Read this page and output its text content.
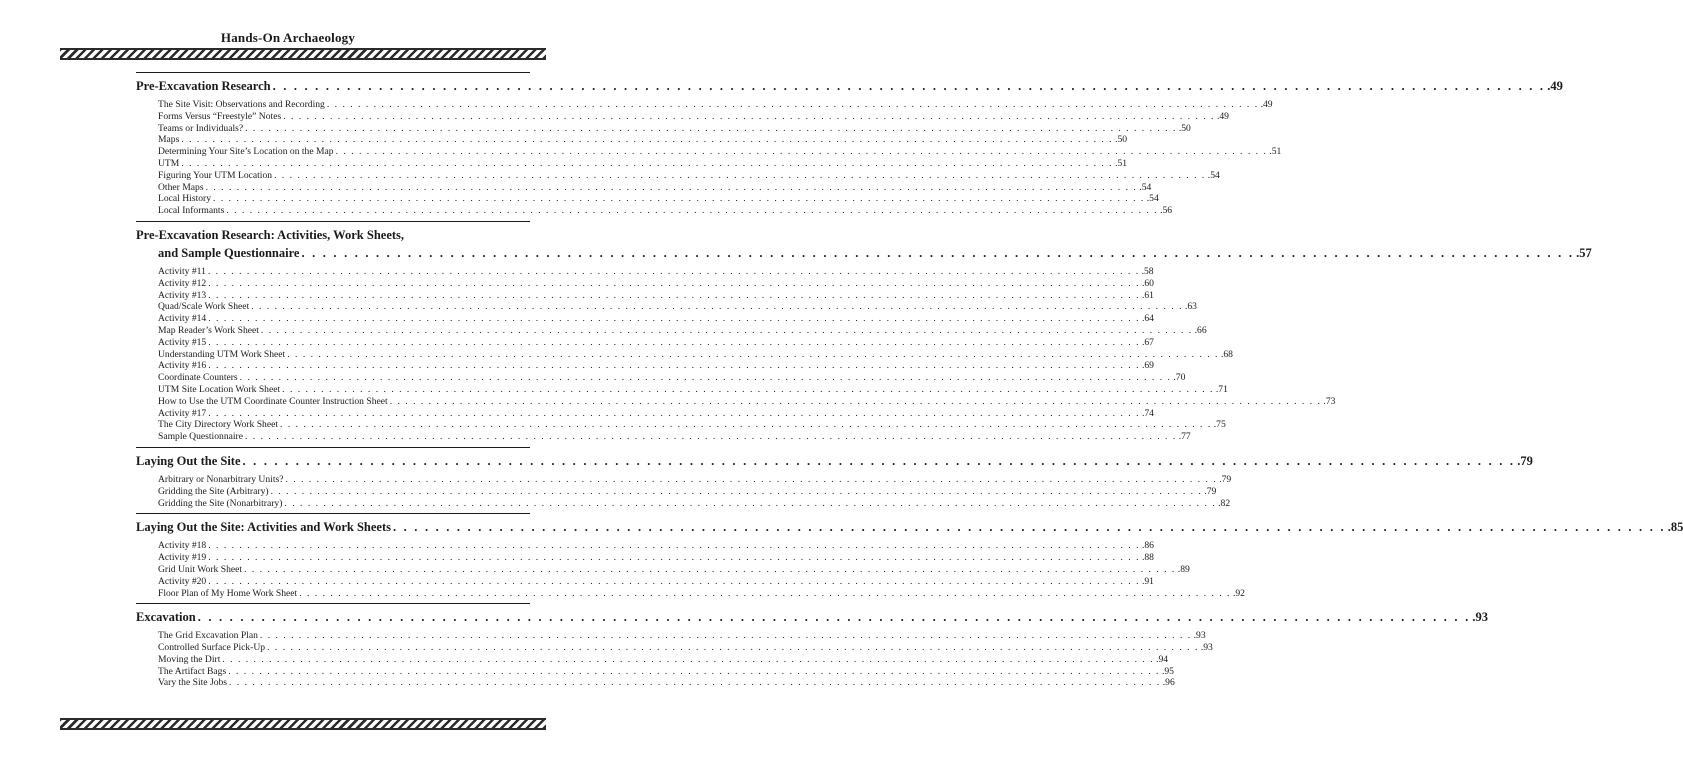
Hands-On Archaeology
Pre-Excavation Research . . . . . . . . . . . . . . . . . . . . . . . . . . . . . . . . . . . . . . . . . . . . . . . . . . . . . . . . . . . . . . . . . . . . . . . . . . . . . . . . . . . . . . . . . . . . . . . . . . . . . . . . . . . . . . . . . . . . . . . . .49
The Site Visit: Observations and Recording . . . . . . . . . . . . . . . . . . . . . . . . . . . . . . . . . . . . . . . . . . . . . . . . . . . . . . . . . . . . . . . . . . . . . . . . . . . . . . . . . . . . . . . . . . . . . . . . . . . . . . . . . . . . . . . . . . . . . . . . .49
Forms Versus “Freestyle” Notes . . . . . . . . . . . . . . . . . . . . . . . . . . . . . . . . . . . . . . . . . . . . . . . . . . . . . . . . . . . . . . . . . . . . . . . . . . . . . . . . . . . . . . . . . . . . . . . . . . . . . . . . . . . . . . . . . . . . . . . . .49
Teams or Individuals? . . . . . . . . . . . . . . . . . . . . . . . . . . . . . . . . . . . . . . . . . . . . . . . . . . . . . . . . . . . . . . . . . . . . . . . . . . . . . . . . . . . . . . . . . . . . . . . . . . . . . . . . . . . . . . . . . . . . . . . . .50
Maps . . . . . . . . . . . . . . . . . . . . . . . . . . . . . . . . . . . . . . . . . . . . . . . . . . . . . . . . . . . . . . . . . . . . . . . . . . . . . . . . . . . . . . . . . . . . . . . . . . . . . . . . . . . . . . . . . . . . . . . . .50
Determining Your Site’s Location on the Map . . . . . . . . . . . . . . . . . . . . . . . . . . . . . . . . . . . . . . . . . . . . . . . . . . . . . . . . . . . . . . . . . . . . . . . . . . . . . . . . . . . . . . . . . . . . . . . . . . . . . . . . . . . . . . . . . . . . . . . . .51
UTM . . . . . . . . . . . . . . . . . . . . . . . . . . . . . . . . . . . . . . . . . . . . . . . . . . . . . . . . . . . . . . . . . . . . . . . . . . . . . . . . . . . . . . . . . . . . . . . . . . . . . . . . . . . . . . . . . . . . . . . . .51
Figuring Your UTM Location . . . . . . . . . . . . . . . . . . . . . . . . . . . . . . . . . . . . . . . . . . . . . . . . . . . . . . . . . . . . . . . . . . . . . . . . . . . . . . . . . . . . . . . . . . . . . . . . . . . . . . . . . . . . . . . . . . . . . . . . .54
Other Maps . . . . . . . . . . . . . . . . . . . . . . . . . . . . . . . . . . . . . . . . . . . . . . . . . . . . . . . . . . . . . . . . . . . . . . . . . . . . . . . . . . . . . . . . . . . . . . . . . . . . . . . . . . . . . . . . . . . . . . . . .54
Local History . . . . . . . . . . . . . . . . . . . . . . . . . . . . . . . . . . . . . . . . . . . . . . . . . . . . . . . . . . . . . . . . . . . . . . . . . . . . . . . . . . . . . . . . . . . . . . . . . . . . . . . . . . . . . . . . . . . . . . . . .54
Local Informants . . . . . . . . . . . . . . . . . . . . . . . . . . . . . . . . . . . . . . . . . . . . . . . . . . . . . . . . . . . . . . . . . . . . . . . . . . . . . . . . . . . . . . . . . . . . . . . . . . . . . . . . . . . . . . . . . . . . . . . . .56
Pre-Excavation Research: Activities, Work Sheets,
and Sample Questionnaire . . . . . . . . . . . . . . . . . . . . . . . . . . . . . . . . . . . . . . . . . . . . . . . . . . . . . . . . . . . . . . . . . . . . . . . . . . . . . . . . . . . . . . . . . . . . . . . . . . . . . . . . . . . . . . . . . . . . . . . . .57
Activity #11 . . . . . . . . . . . . . . . . . . . . . . . . . . . . . . . . . . . . . . . . . . . . . . . . . . . . . . . . . . . . . . . . . . . . . . . . . . . . . . . . . . . . . . . . . . . . . . . . . . . . . . . . . . . . . . . . . . . . . . . . .58
Activity #12 . . . . . . . . . . . . . . . . . . . . . . . . . . . . . . . . . . . . . . . . . . . . . . . . . . . . . . . . . . . . . . . . . . . . . . . . . . . . . . . . . . . . . . . . . . . . . . . . . . . . . . . . . . . . . . . . . . . . . . . . .60
Activity #13 . . . . . . . . . . . . . . . . . . . . . . . . . . . . . . . . . . . . . . . . . . . . . . . . . . . . . . . . . . . . . . . . . . . . . . . . . . . . . . . . . . . . . . . . . . . . . . . . . . . . . . . . . . . . . . . . . . . . . . . . .61
Quad/Scale Work Sheet . . . . . . . . . . . . . . . . . . . . . . . . . . . . . . . . . . . . . . . . . . . . . . . . . . . . . . . . . . . . . . . . . . . . . . . . . . . . . . . . . . . . . . . . . . . . . . . . . . . . . . . . . . . . . . . . . . . . . . . . .63
Activity #14 . . . . . . . . . . . . . . . . . . . . . . . . . . . . . . . . . . . . . . . . . . . . . . . . . . . . . . . . . . . . . . . . . . . . . . . . . . . . . . . . . . . . . . . . . . . . . . . . . . . . . . . . . . . . . . . . . . . . . . . . .64
Map Reader’s Work Sheet . . . . . . . . . . . . . . . . . . . . . . . . . . . . . . . . . . . . . . . . . . . . . . . . . . . . . . . . . . . . . . . . . . . . . . . . . . . . . . . . . . . . . . . . . . . . . . . . . . . . . . . . . . . . . . . . . . . . . . . . .66
Activity #15 . . . . . . . . . . . . . . . . . . . . . . . . . . . . . . . . . . . . . . . . . . . . . . . . . . . . . . . . . . . . . . . . . . . . . . . . . . . . . . . . . . . . . . . . . . . . . . . . . . . . . . . . . . . . . . . . . . . . . . . . .67
Understanding UTM Work Sheet . . . . . . . . . . . . . . . . . . . . . . . . . . . . . . . . . . . . . . . . . . . . . . . . . . . . . . . . . . . . . . . . . . . . . . . . . . . . . . . . . . . . . . . . . . . . . . . . . . . . . . . . . . . . . . . . . . . . . . . . .68
Activity #16 . . . . . . . . . . . . . . . . . . . . . . . . . . . . . . . . . . . . . . . . . . . . . . . . . . . . . . . . . . . . . . . . . . . . . . . . . . . . . . . . . . . . . . . . . . . . . . . . . . . . . . . . . . . . . . . . . . . . . . . . .69
Coordinate Counters . . . . . . . . . . . . . . . . . . . . . . . . . . . . . . . . . . . . . . . . . . . . . . . . . . . . . . . . . . . . . . . . . . . . . . . . . . . . . . . . . . . . . . . . . . . . . . . . . . . . . . . . . . . . . . . . . . . . . . . . .70
UTM Site Location Work Sheet . . . . . . . . . . . . . . . . . . . . . . . . . . . . . . . . . . . . . . . . . . . . . . . . . . . . . . . . . . . . . . . . . . . . . . . . . . . . . . . . . . . . . . . . . . . . . . . . . . . . . . . . . . . . . . . . . . . . . . . . .71
How to Use the UTM Coordinate Counter Instruction Sheet . . . . . . . . . . . . . . . . . . . . . . . . . . . . . . . . . . . . . . . . . . . . . . . . . . . . . . . . . . . . . . . . . . . . . . . . . . . . . . . . . . . . . . . . . . . . . . . . . . . . . . . . . . . . . . . . . . . . . . . . .73
Activity #17 . . . . . . . . . . . . . . . . . . . . . . . . . . . . . . . . . . . . . . . . . . . . . . . . . . . . . . . . . . . . . . . . . . . . . . . . . . . . . . . . . . . . . . . . . . . . . . . . . . . . . . . . . . . . . . . . . . . . . . . . .74
The City Directory Work Sheet . . . . . . . . . . . . . . . . . . . . . . . . . . . . . . . . . . . . . . . . . . . . . . . . . . . . . . . . . . . . . . . . . . . . . . . . . . . . . . . . . . . . . . . . . . . . . . . . . . . . . . . . . . . . . . . . . . . . . . . . .75
Sample Questionnaire . . . . . . . . . . . . . . . . . . . . . . . . . . . . . . . . . . . . . . . . . . . . . . . . . . . . . . . . . . . . . . . . . . . . . . . . . . . . . . . . . . . . . . . . . . . . . . . . . . . . . . . . . . . . . . . . . . . . . . . . .77
Laying Out the Site . . . . . . . . . . . . . . . . . . . . . . . . . . . . . . . . . . . . . . . . . . . . . . . . . . . . . . . . . . . . . . . . . . . . . . . . . . . . . . . . . . . . . . . . . . . . . . . . . . . . . . . . . . . . . . . . . . . . . . . . .79
Arbitrary or Nonarbitrary Units? . . . . . . . . . . . . . . . . . . . . . . . . . . . . . . . . . . . . . . . . . . . . . . . . . . . . . . . . . . . . . . . . . . . . . . . . . . . . . . . . . . . . . . . . . . . . . . . . . . . . . . . . . . . . . . . . . . . . . . . . .79
Gridding the Site (Arbitrary) . . . . . . . . . . . . . . . . . . . . . . . . . . . . . . . . . . . . . . . . . . . . . . . . . . . . . . . . . . . . . . . . . . . . . . . . . . . . . . . . . . . . . . . . . . . . . . . . . . . . . . . . . . . . . . . . . . . . . . . . .79
Gridding the Site (Nonarbitrary) . . . . . . . . . . . . . . . . . . . . . . . . . . . . . . . . . . . . . . . . . . . . . . . . . . . . . . . . . . . . . . . . . . . . . . . . . . . . . . . . . . . . . . . . . . . . . . . . . . . . . . . . . . . . . . . . . . . . . . . . .82
Laying Out the Site: Activities and Work Sheets . . . . . . . . . . . . . . . . . . . . . . . . . . . . . . . . . . . . . . . . . . . . . . . . . . . . . . . . . . . . . . . . . . . . . . . . . . . . . . . . . . . . . . . . . . . . . . . . . . . . . . . . . . . . . . . . . . . . . . . . .85
Activity #18 . . . . . . . . . . . . . . . . . . . . . . . . . . . . . . . . . . . . . . . . . . . . . . . . . . . . . . . . . . . . . . . . . . . . . . . . . . . . . . . . . . . . . . . . . . . . . . . . . . . . . . . . . . . . . . . . . . . . . . . . .86
Activity #19 . . . . . . . . . . . . . . . . . . . . . . . . . . . . . . . . . . . . . . . . . . . . . . . . . . . . . . . . . . . . . . . . . . . . . . . . . . . . . . . . . . . . . . . . . . . . . . . . . . . . . . . . . . . . . . . . . . . . . . . . .88
Grid Unit Work Sheet . . . . . . . . . . . . . . . . . . . . . . . . . . . . . . . . . . . . . . . . . . . . . . . . . . . . . . . . . . . . . . . . . . . . . . . . . . . . . . . . . . . . . . . . . . . . . . . . . . . . . . . . . . . . . . . . . . . . . . . . .89
Activity #20 . . . . . . . . . . . . . . . . . . . . . . . . . . . . . . . . . . . . . . . . . . . . . . . . . . . . . . . . . . . . . . . . . . . . . . . . . . . . . . . . . . . . . . . . . . . . . . . . . . . . . . . . . . . . . . . . . . . . . . . . .91
Floor Plan of My Home Work Sheet . . . . . . . . . . . . . . . . . . . . . . . . . . . . . . . . . . . . . . . . . . . . . . . . . . . . . . . . . . . . . . . . . . . . . . . . . . . . . . . . . . . . . . . . . . . . . . . . . . . . . . . . . . . . . . . . . . . . . . . . .92
Excavation . . . . . . . . . . . . . . . . . . . . . . . . . . . . . . . . . . . . . . . . . . . . . . . . . . . . . . . . . . . . . . . . . . . . . . . . . . . . . . . . . . . . . . . . . . . . . . . . . . . . . . . . . . . . . . . . . . . . . . . . .93
The Grid Excavation Plan . . . . . . . . . . . . . . . . . . . . . . . . . . . . . . . . . . . . . . . . . . . . . . . . . . . . . . . . . . . . . . . . . . . . . . . . . . . . . . . . . . . . . . . . . . . . . . . . . . . . . . . . . . . . . . . . . . . . . . . . .93
Controlled Surface Pick-Up . . . . . . . . . . . . . . . . . . . . . . . . . . . . . . . . . . . . . . . . . . . . . . . . . . . . . . . . . . . . . . . . . . . . . . . . . . . . . . . . . . . . . . . . . . . . . . . . . . . . . . . . . . . . . . . . . . . . . . . . .93
Moving the Dirt . . . . . . . . . . . . . . . . . . . . . . . . . . . . . . . . . . . . . . . . . . . . . . . . . . . . . . . . . . . . . . . . . . . . . . . . . . . . . . . . . . . . . . . . . . . . . . . . . . . . . . . . . . . . . . . . . . . . . . . . .94
The Artifact Bags . . . . . . . . . . . . . . . . . . . . . . . . . . . . . . . . . . . . . . . . . . . . . . . . . . . . . . . . . . . . . . . . . . . . . . . . . . . . . . . . . . . . . . . . . . . . . . . . . . . . . . . . . . . . . . . . . . . . . . . . .95
Vary the Site Jobs . . . . . . . . . . . . . . . . . . . . . . . . . . . . . . . . . . . . . . . . . . . . . . . . . . . . . . . . . . . . . . . . . . . . . . . . . . . . . . . . . . . . . . . . . . . . . . . . . . . . . . . . . . . . . . . . . . . . . . . . .96
